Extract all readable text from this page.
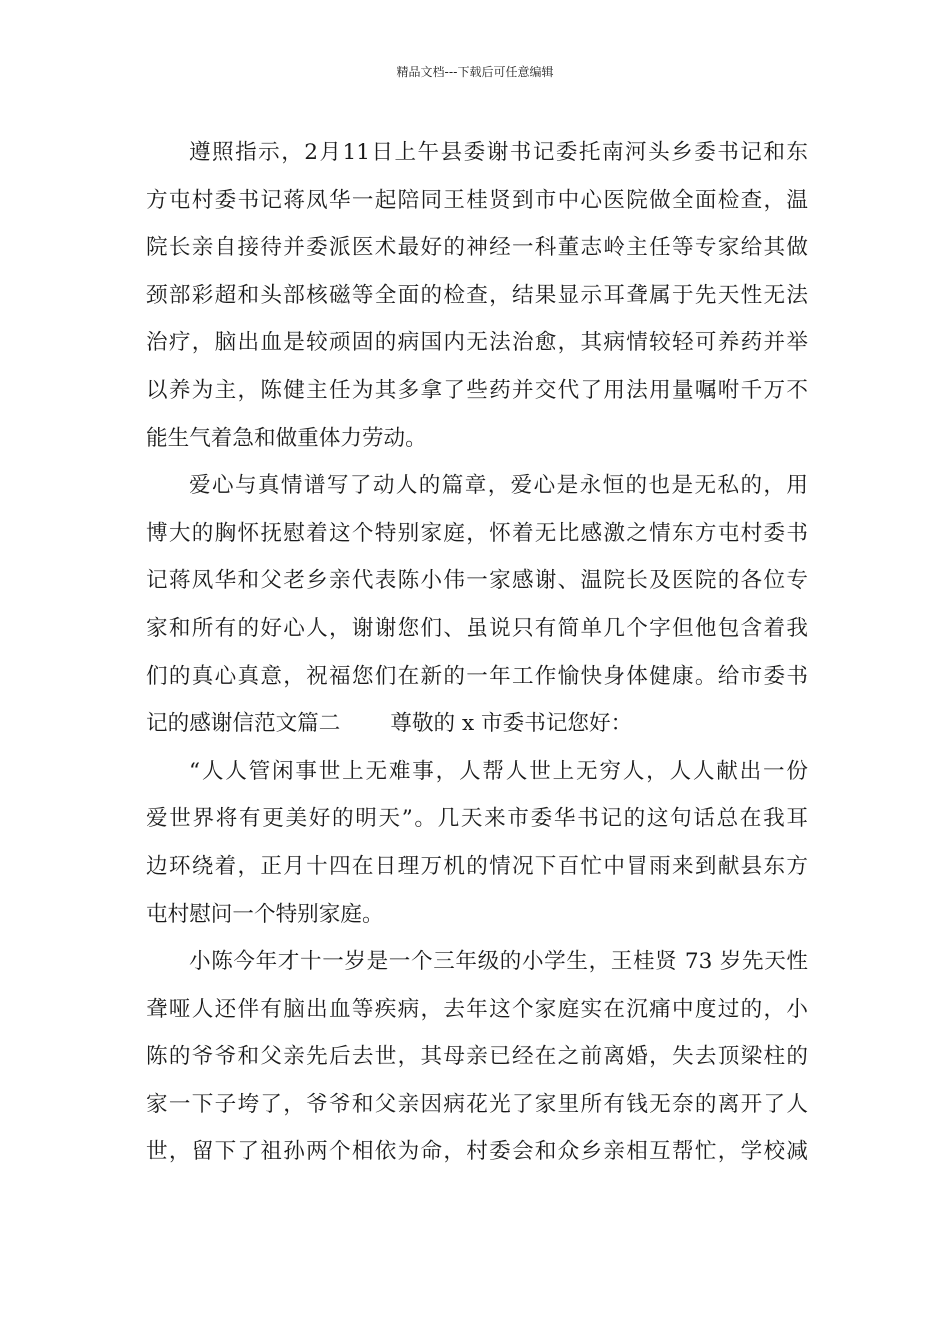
精品文档---下载后可任意编辑
遵照指示，2月11日上午县委谢书记委托南河头乡委书记和东
方屯村委书记蒋凤华一起陪同王桂贤到市中心医院做全面检查，温
院长亲自接待并委派医术最好的神经一科董志岭主任等专家给其做
颈部彩超和头部核磁等全面的检查，结果显示耳聋属于先天性无法
治疗，脑出血是较顽固的病国内无法治愈，其病情较轻可养药并举
以养为主，陈健主任为其多拿了些药并交代了用法用量嘱咐千万不
能生气着急和做重体力劳动。
爱心与真情谱写了动人的篇章，爱心是永恒的也是无私的，用
博大的胸怀抚慰着这个特别家庭，怀着无比感激之情东方屯村委书
记蒋凤华和父老乡亲代表陈小伟一家感谢、温院长及医院的各位专
家和所有的好心人，谢谢您们、虽说只有简单几个字但他包含着我
们的真心真意，祝福您们在新的一年工作愉快身体健康。给市委书
记的感谢信范文篇二 尊敬的 x 市委书记您好：
“人人管闲事世上无难事，人帮人世上无穷人，人人献出一份
爱世界将有更美好的明天”。几天来市委华书记的这句话总在我耳
边环绕着，正月十四在日理万机的情况下百忙中冒雨来到献县东方
屯村慰问一个特别家庭。
小陈今年才十一岁是一个三年级的小学生，王桂贤 73 岁先天性
聋哑人还伴有脑出血等疾病，去年这个家庭实在沉痛中度过的，小
陈的爷爷和父亲先后去世，其母亲已经在之前离婚，失去顶梁柱的
家一下子垮了，爷爷和父亲因病花光了家里所有钱无奈的离开了人
世，留下了祖孙两个相依为命，村委会和众乡亲相互帮忙，学校减
